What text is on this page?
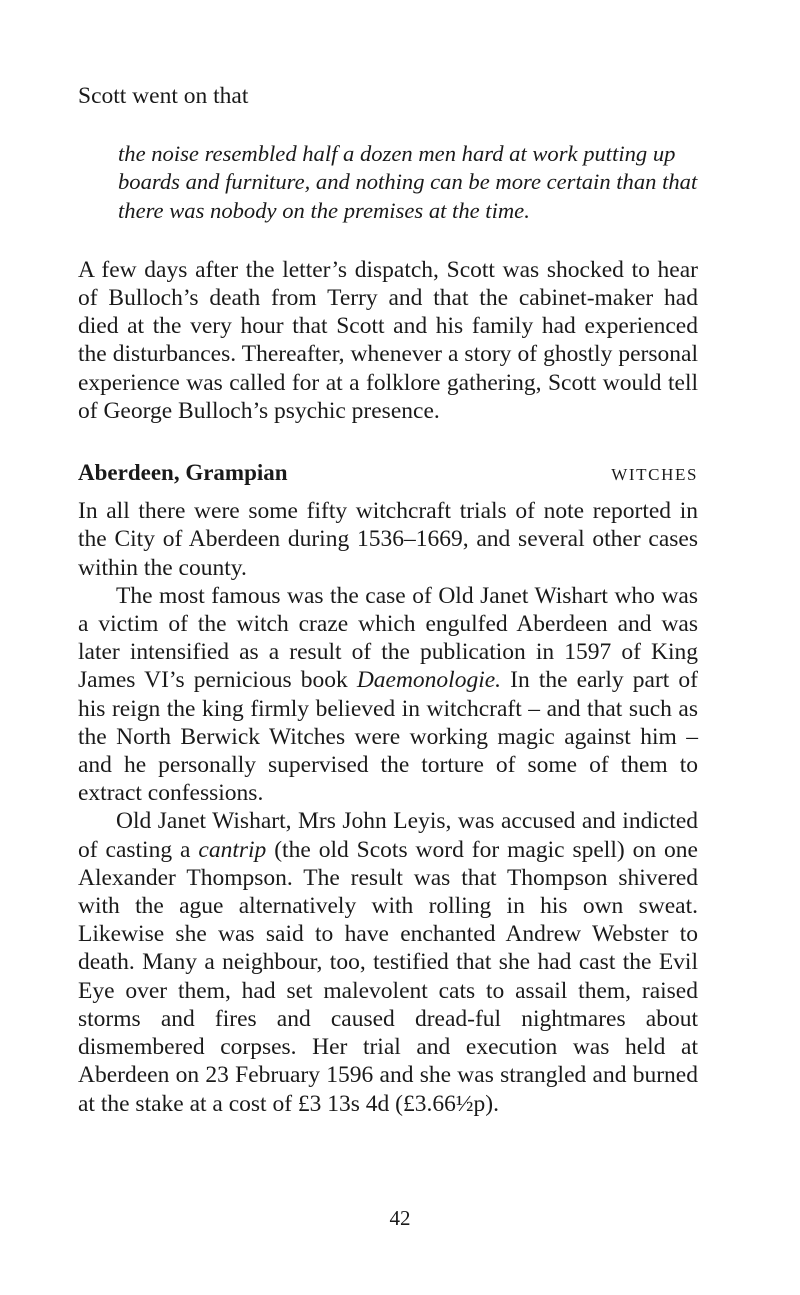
Scott went on that

the noise resembled half a dozen men hard at work putting up boards and furniture, and nothing can be more certain than that there was nobody on the premises at the time.

A few days after the letter’s dispatch, Scott was shocked to hear of Bulloch’s death from Terry and that the cabinet-maker had died at the very hour that Scott and his family had experienced the disturbances. Thereafter, whenever a story of ghostly personal experience was called for at a folklore gathering, Scott would tell of George Bulloch’s psychic presence.

Aberdeen, Grampian	WITCHES

In all there were some fifty witchcraft trials of note reported in the City of Aberdeen during 1536–1669, and several other cases within the county.

The most famous was the case of Old Janet Wishart who was a victim of the witch craze which engulfed Aberdeen and was later intensified as a result of the publication in 1597 of King James VI’s pernicious book Daemonologie. In the early part of his reign the king firmly believed in witchcraft – and that such as the North Berwick Witches were working magic against him – and he personally supervised the torture of some of them to extract confessions.

Old Janet Wishart, Mrs John Leyis, was accused and indicted of casting a cantrip (the old Scots word for magic spell) on one Alexander Thompson. The result was that Thompson shivered with the ague alternatively with rolling in his own sweat. Likewise she was said to have enchanted Andrew Webster to death. Many a neighbour, too, testified that she had cast the Evil Eye over them, had set malevolent cats to assail them, raised storms and fires and caused dread-ful nightmares about dismembered corpses. Her trial and execution was held at Aberdeen on 23 February 1596 and she was strangled and burned at the stake at a cost of £3 13s 4d (£3.66½p).

42
